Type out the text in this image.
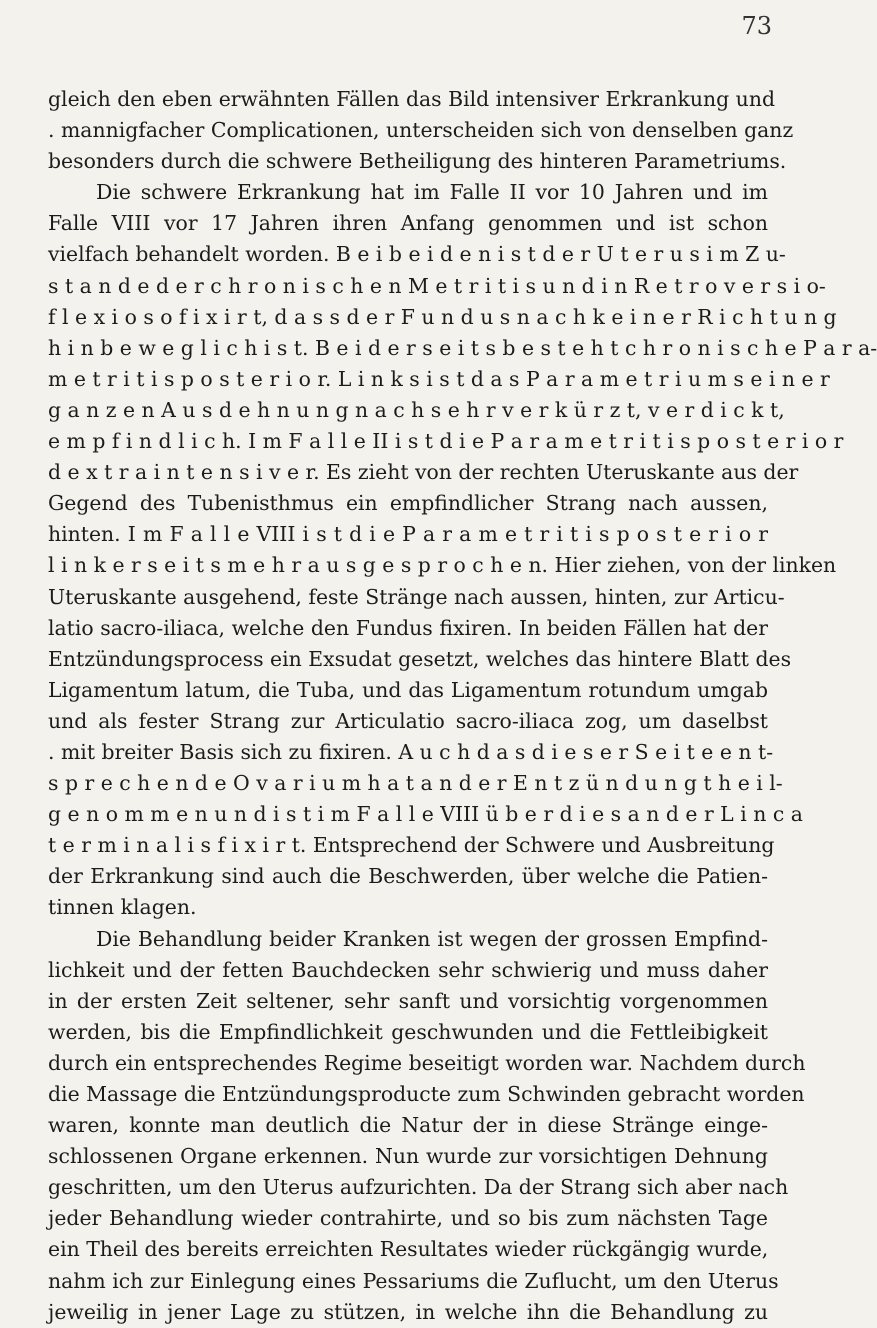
73
gleich den eben erwähnten Fällen das Bild intensiver Erkrankung und
. mannigfacher Complicationen, unterscheiden sich von denselben ganz
besonders durch die schwere Betheiligung des hinteren Parametriums.
Die schwere Erkrankung hat im Falle II vor 10 Jahren und im
Falle VIII vor 17 Jahren ihren Anfang genommen und ist schon
vielfach behandelt worden. B e i b e i d e n i s t d e r U t e r u s i m Z u-
s t a n d e d e r c h r o n i s c h e n M e t r i t i s u n d i n R e t r o v e r s i o-
f l e x i o s o f i x i r t, d a s s d e r F u n d u s n a c h k e i n e r R i c h t u n g
h i n b e w e g l i c h i s t. B e i d e r s e i t s b e s t e h t c h r o n i s c h e P a r a-
m e t r i t i s p o s t e r i o r. L i n k s i s t d a s P a r a m e t r i u m s e i n e r
g a n z e n A u s d e h n u n g n a c h s e h r v e r k ü r z t, v e r d i c k t,
e m p f i n d l i c h. I m F a l l e II i s t d i e P a r a m e t r i t i s p o s t e r i o r
d e x t r a i n t e n s i v e r. Es zieht von der rechten Uteruskante aus der
Gegend des Tubenisthmus ein empfindlicher Strang nach aussen,
hinten. I m F a l l e VIII i s t d i e P a r a m e t r i t i s p o s t e r i o r
l i n k e r s e i t s m e h r a u s g e s p r o c h e n. Hier ziehen, von der linken
Uteruskante ausgehend, feste Stränge nach aussen, hinten, zur Articu-
latio sacro-iliaca, welche den Fundus fixiren. In beiden Fällen hat der
Entzündungsprocess ein Exsudat gesetzt, welches das hintere Blatt des
Ligamentum latum, die Tuba, und das Ligamentum rotundum umgab
und als fester Strang zur Articulatio sacro-iliaca zog, um daselbst
. mit breiter Basis sich zu fixiren. A u c h d a s d i e s e r S e i t e e n t-
s p r e c h e n d e O v a r i u m h a t a n d e r E n t z ü n d u n g t h e i l-
g e n o m m e n u n d i s t i m F a l l e VIII ü b e r d i e s a n d e r L i n c a
t e r m i n a l i s f i x i r t. Entsprechend der Schwere und Ausbreitung
der Erkrankung sind auch die Beschwerden, über welche die Patien-
tinnen klagen.
Die Behandlung beider Kranken ist wegen der grossen Empfind-
lichkeit und der fetten Bauchdecken sehr schwierig und muss daher
in der ersten Zeit seltener, sehr sanft und vorsichtig vorgenommen
werden, bis die Empfindlichkeit geschwunden und die Fettleibigkeit
durch ein entsprechendes Regime beseitigt worden war. Nachdem durch
die Massage die Entzündungsproducte zum Schwinden gebracht worden
waren, konnte man deutlich die Natur der in diese Stränge einge-
schlossenen Organe erkennen. Nun wurde zur vorsichtigen Dehnung
geschritten, um den Uterus aufzurichten. Da der Strang sich aber nach
jeder Behandlung wieder contrahirte, und so bis zum nächsten Tage
ein Theil des bereits erreichten Resultates wieder rückgängig wurde,
nahm ich zur Einlegung eines Pessariums die Zuflucht, um den Uterus
jeweilig in jener Lage zu stützen, in welche ihn die Behandlung zu
